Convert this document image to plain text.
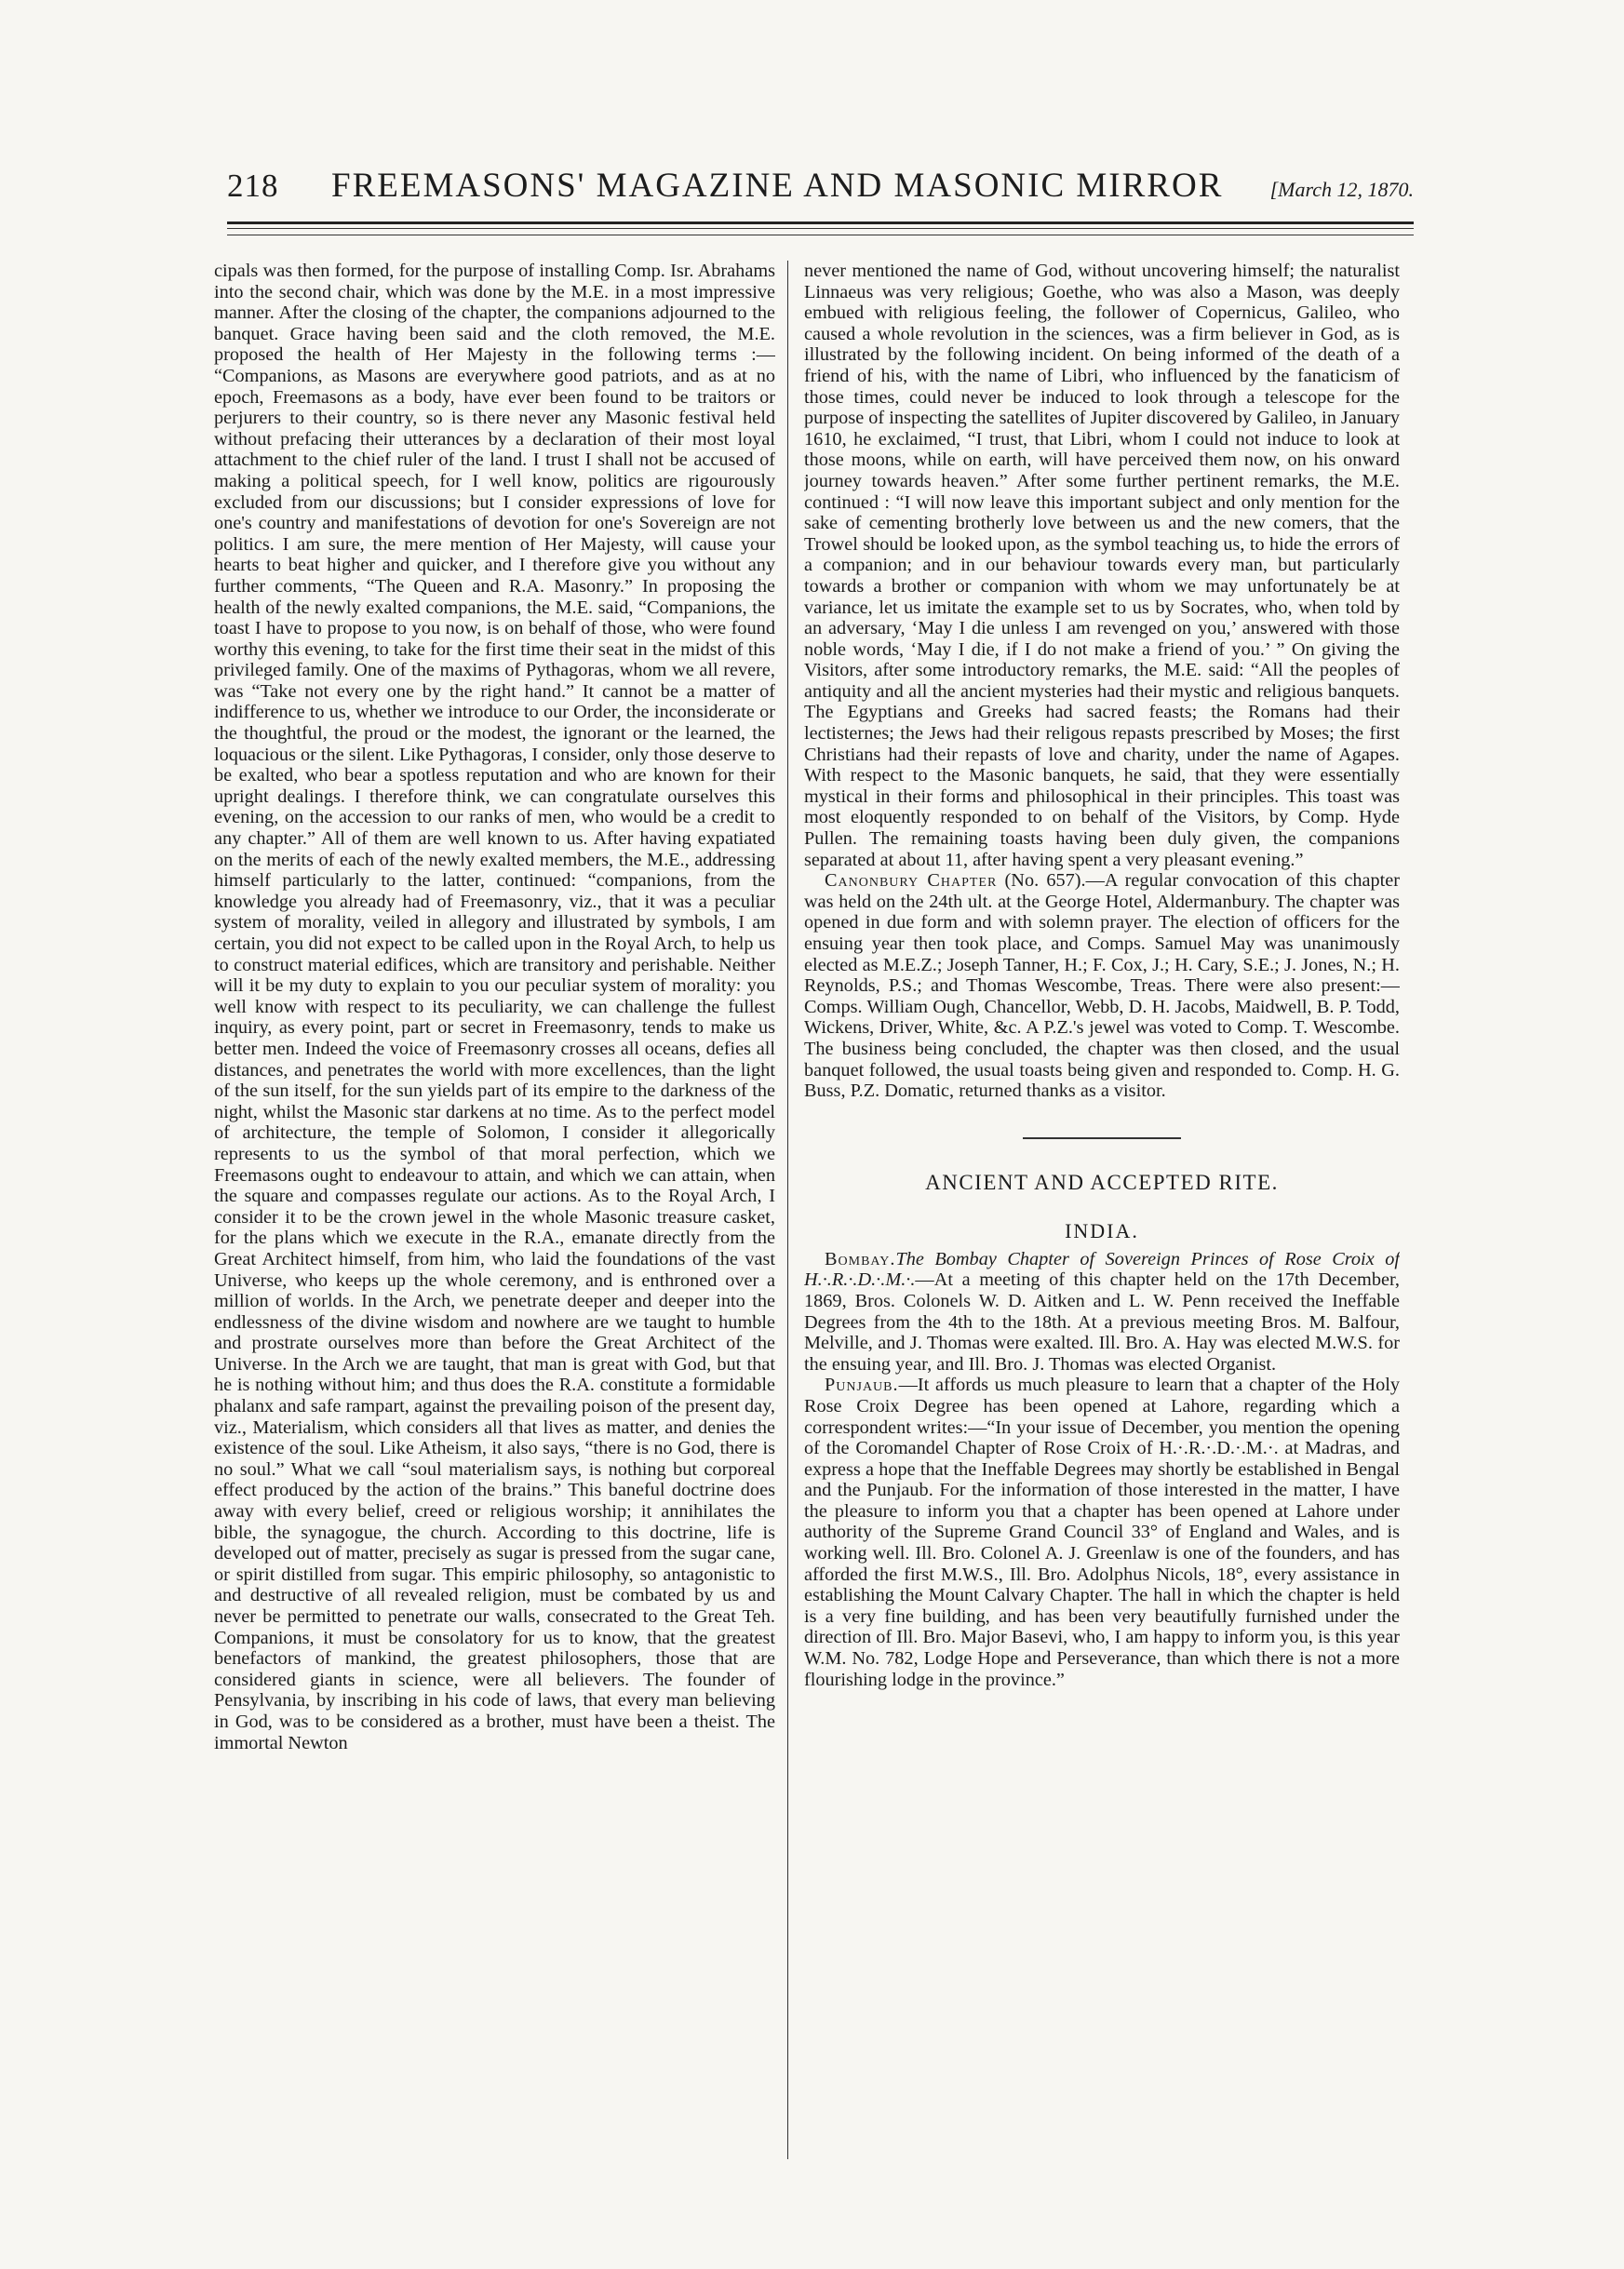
218	FREEMASONS' MAGAZINE AND MASONIC MIRROR	[March 12, 1870.

cipals was then formed, for the purpose of installing Comp. Isr. Abrahams into the second chair, which was done by the M.E. in a most impressive manner. After the closing of the chapter, the companions adjourned to the banquet. Grace having been said and the cloth removed, the M.E. proposed the health of Her Majesty in the following terms :— “Companions, as Masons are everywhere good patriots, and as at no epoch, Freemasons as a body, have ever been found to be traitors or perjurers to their country, so is there never any Masonic festival held without prefacing their utterances by a declaration of their most loyal attachment to the chief ruler of the land. I trust I shall not be accused of making a political speech, for I well know, politics are rigourously excluded from our discussions; but I consider expressions of love for one's country and manifestations of devotion for one's Sovereign are not politics. I am sure, the mere mention of Her Majesty, will cause your hearts to beat higher and quicker, and I therefore give you without any further comments, “The Queen and R.A. Masonry.” In proposing the health of the newly exalted companions, the M.E. said, “Companions, the toast I have to propose to you now, is on behalf of those, who were found worthy this evening, to take for the first time their seat in the midst of this privileged family. One of the maxims of Pythagoras, whom we all revere, was “Take not every one by the right hand.” It cannot be a matter of indifference to us, whether we introduce to our Order, the inconsiderate or the thoughtful, the proud or the modest, the ignorant or the learned, the loquacious or the silent. Like Pythagoras, I consider, only those deserve to be exalted, who bear a spotless reputation and who are known for their upright dealings. I therefore think, we can congratulate ourselves this evening, on the accession to our ranks of men, who would be a credit to any chapter.” All of them are well known to us. After having expatiated on the merits of each of the newly exalted members, the M.E., addressing himself particularly to the latter, continued: “companions, from the knowledge you already had of Freemasonry, viz., that it was a peculiar system of morality, veiled in allegory and illustrated by symbols, I am certain, you did not expect to be called upon in the Royal Arch, to help us to construct material edifices, which are transitory and perishable. Neither will it be my duty to explain to you our peculiar system of morality: you well know with respect to its peculiarity, we can challenge the fullest inquiry, as every point, part or secret in Freemasonry, tends to make us better men. Indeed the voice of Freemasonry crosses all oceans, defies all distances, and penetrates the world with more excellences, than the light of the sun itself, for the sun yields part of its empire to the darkness of the night, whilst the Masonic star darkens at no time. As to the perfect model of architecture, the temple of Solomon, I consider it allegorically represents to us the symbol of that moral perfection, which we Freemasons ought to endeavour to attain, and which we can attain, when the square and compasses regulate our actions. As to the Royal Arch, I consider it to be the crown jewel in the whole Masonic treasure casket, for the plans which we execute in the R.A., emanate directly from the Great Architect himself, from him, who laid the foundations of the vast Universe, who keeps up the whole ceremony, and is enthroned over a million of worlds. In the Arch, we penetrate deeper and deeper into the endlessness of the divine wisdom and nowhere are we taught to humble and prostrate ourselves more than before the Great Architect of the Universe. In the Arch we are taught, that man is great with God, but that he is nothing without him; and thus does the R.A. constitute a formidable phalanx and safe rampart, against the prevailing poison of the present day, viz., Materialism, which considers all that lives as matter, and denies the existence of the soul. Like Atheism, it also says, “there is no God, there is no soul.” What we call “soul materialism says, is nothing but corporeal effect produced by the action of the brains.” This baneful doctrine does away with every belief, creed or religious worship; it annihilates the bible, the synagogue, the church. According to this doctrine, life is developed out of matter, precisely as sugar is pressed from the sugar cane, or spirit distilled from sugar. This empiric philosophy, so antagonistic to and destructive of all revealed religion, must be combated by us and never be permitted to penetrate our walls, consecrated to the Great Teh. Companions, it must be consolatory for us to know, that the greatest benefactors of mankind, the greatest philosophers, those that are considered giants in science, were all believers. The founder of Pensylvania, by inscribing in his code of laws, that every man believing in God, was to be considered as a brother, must have been a theist. The immortal Newton

never mentioned the name of God, without uncovering himself; the naturalist Linnaeus was very religious; Goethe, who was also a Mason, was deeply embued with religious feeling, the follower of Copernicus, Galileo, who caused a whole revolution in the sciences, was a firm believer in God, as is illustrated by the following incident. On being informed of the death of a friend of his, with the name of Libri, who influenced by the fanaticism of those times, could never be induced to look through a telescope for the purpose of inspecting the satellites of Jupiter discovered by Galileo, in January 1610, he exclaimed, “I trust, that Libri, whom I could not induce to look at those moons, while on earth, will have perceived them now, on his onward journey towards heaven.” After some further pertinent remarks, the M.E. continued : “I will now leave this important subject and only mention for the sake of cementing brotherly love between us and the new comers, that the Trowel should be looked upon, as the symbol teaching us, to hide the errors of a companion; and in our behaviour towards every man, but particularly towards a brother or companion with whom we may unfortunately be at variance, let us imitate the example set to us by Socrates, who, when told by an adversary, ‘May I die unless I am revenged on you,’ answered with those noble words, ‘May I die, if I do not make a friend of you.’ ” On giving the Visitors, after some introductory remarks, the M.E. said: “All the peoples of antiquity and all the ancient mysteries had their mystic and religious banquets. The Egyptians and Greeks had sacred feasts; the Romans had their lectisternes; the Jews had their religous repasts prescribed by Moses; the first Christians had their repasts of love and charity, under the name of Agapes. With respect to the Masonic banquets, he said, that they were essentially mystical in their forms and philosophical in their principles. This toast was most eloquently responded to on behalf of the Visitors, by Comp. Hyde Pullen. The remaining toasts having been duly given, the companions separated at about 11, after having spent a very pleasant evening.”

Canonbury Chapter (No. 657).—A regular convocation of this chapter was held on the 24th ult. at the George Hotel, Aldermanbury. The chapter was opened in due form and with solemn prayer. The election of officers for the ensuing year then took place, and Comps. Samuel May was unanimously elected as M.E.Z.; Joseph Tanner, H.; F. Cox, J.; H. Cary, S.E.; J. Jones, N.; H. Reynolds, P.S.; and Thomas Wescombe, Treas. There were also present:—Comps. William Ough, Chancellor, Webb, D. H. Jacobs, Maidwell, B. P. Todd, Wickens, Driver, White, &c. A P.Z.'s jewel was voted to Comp. T. Wescombe. The business being concluded, the chapter was then closed, and the usual banquet followed, the usual toasts being given and responded to. Comp. H. G. Buss, P.Z. Domatic, returned thanks as a visitor.

ANCIENT AND ACCEPTED RITE.
INDIA.

Bombay.The Bombay Chapter of Sovereign Princes of Rose Croix of H.·.R.·.D.·.M.·.—At a meeting of this chapter held on the 17th December, 1869, Bros. Colonels W. D. Aitken and L. W. Penn received the Ineffable Degrees from the 4th to the 18th. At a previous meeting Bros. M. Balfour, Melville, and J. Thomas were exalted. Ill. Bro. A. Hay was elected M.W.S. for the ensuing year, and Ill. Bro. J. Thomas was elected Organist.

Punjaub.—It affords us much pleasure to learn that a chapter of the Holy Rose Croix Degree has been opened at Lahore, regarding which a correspondent writes:—“In your issue of December, you mention the opening of the Coromandel Chapter of Rose Croix of H.·.R.·.D.·.M.·. at Madras, and express a hope that the Ineffable Degrees may shortly be established in Bengal and the Punjaub. For the information of those interested in the matter, I have the pleasure to inform you that a chapter has been opened at Lahore under authority of the Supreme Grand Council 33° of England and Wales, and is working well. Ill. Bro. Colonel A. J. Greenlaw is one of the founders, and has afforded the first M.W.S., Ill. Bro. Adolphus Nicols, 18°, every assistance in establishing the Mount Calvary Chapter. The hall in which the chapter is held is a very fine building, and has been very beautifully furnished under the direction of Ill. Bro. Major Basevi, who, I am happy to inform you, is this year W.M. No. 782, Lodge Hope and Perseverance, than which there is not a more flourishing lodge in the province.”
